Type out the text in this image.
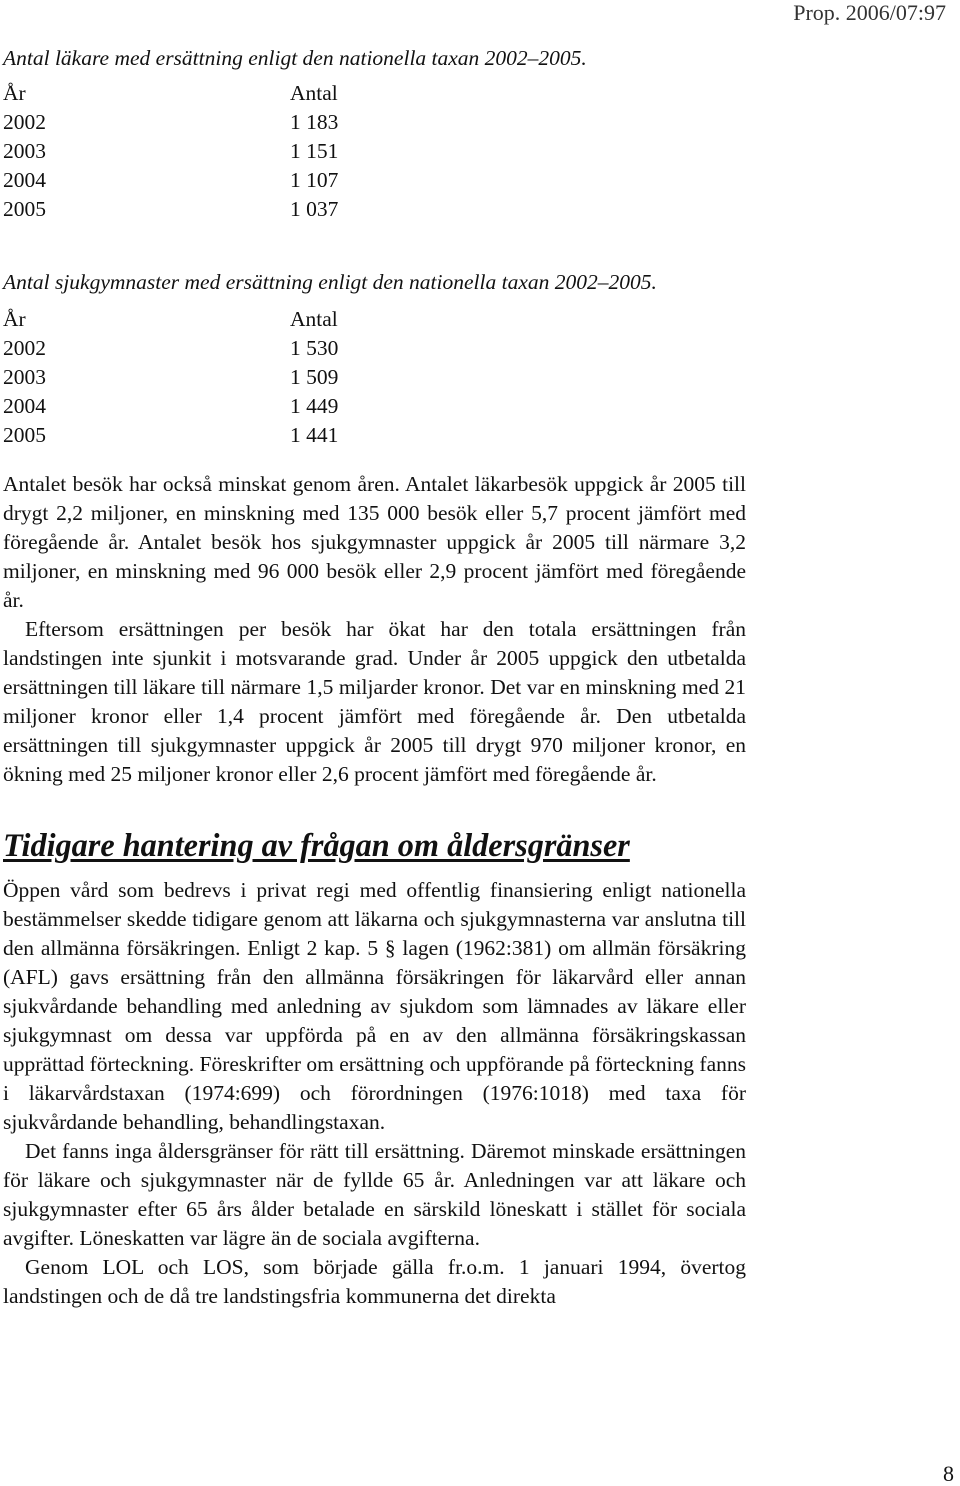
Prop. 2006/07:97

Antal läkare med ersättning enligt den nationella taxan 2002–2005.

År	Antal
2002	1 183
2003	1 151
2004	1 107
2005	1 037

Antal sjukgymnaster med ersättning enligt den nationella taxan 2002–2005.

År	Antal
2002	1 530
2003	1 509
2004	1 449
2005	1 441

Antalet besök har också minskat genom åren. Antalet läkarbesök uppgick år 2005 till drygt 2,2 miljoner, en minskning med 135 000 besök eller 5,7 procent jämfört med föregående år. Antalet besök hos sjukgymnaster uppgick år 2005 till närmare 3,2 miljoner, en minskning med 96 000 besök eller 2,9 procent jämfört med föregående år.

Eftersom ersättningen per besök har ökat har den totala ersättningen från landstingen inte sjunkit i motsvarande grad. Under år 2005 uppgick den utbetalda ersättningen till läkare till närmare 1,5 miljarder kronor. Det var en minskning med 21 miljoner kronor eller 1,4 procent jämfört med föregående år. Den utbetalda ersättningen till sjukgymnaster uppgick år 2005 till drygt 970 miljoner kronor, en ökning med 25 miljoner kronor eller 2,6 procent jämfört med föregående år.

Tidigare hantering av frågan om åldersgränser

Öppen vård som bedrevs i privat regi med offentlig finansiering enligt nationella bestämmelser skedde tidigare genom att läkarna och sjukgymnasterna var anslutna till den allmänna försäkringen. Enligt 2 kap. 5 § lagen (1962:381) om allmän försäkring (AFL) gavs ersättning från den allmänna försäkringen för läkarvård eller annan sjukvårdande behandling med anledning av sjukdom som lämnades av läkare eller sjukgymnast om dessa var uppförda på en av den allmänna försäkringskassan upprättad förteckning. Föreskrifter om ersättning och uppförande på förteckning fanns i läkarvårdstaxan (1974:699) och förordningen (1976:1018) med taxa för sjukvårdande behandling, behandlingstaxan.

Det fanns inga åldersgränser för rätt till ersättning. Däremot minskade ersättningen för läkare och sjukgymnaster när de fyllde 65 år. Anledningen var att läkare och sjukgymnaster efter 65 års ålder betalade en särskild löneskatt i stället för sociala avgifter. Löneskatten var lägre än de sociala avgifterna.

Genom LOL och LOS, som började gälla fr.o.m. 1 januari 1994, övertog landstingen och de då tre landstingsfria kommunerna det direkta

8
